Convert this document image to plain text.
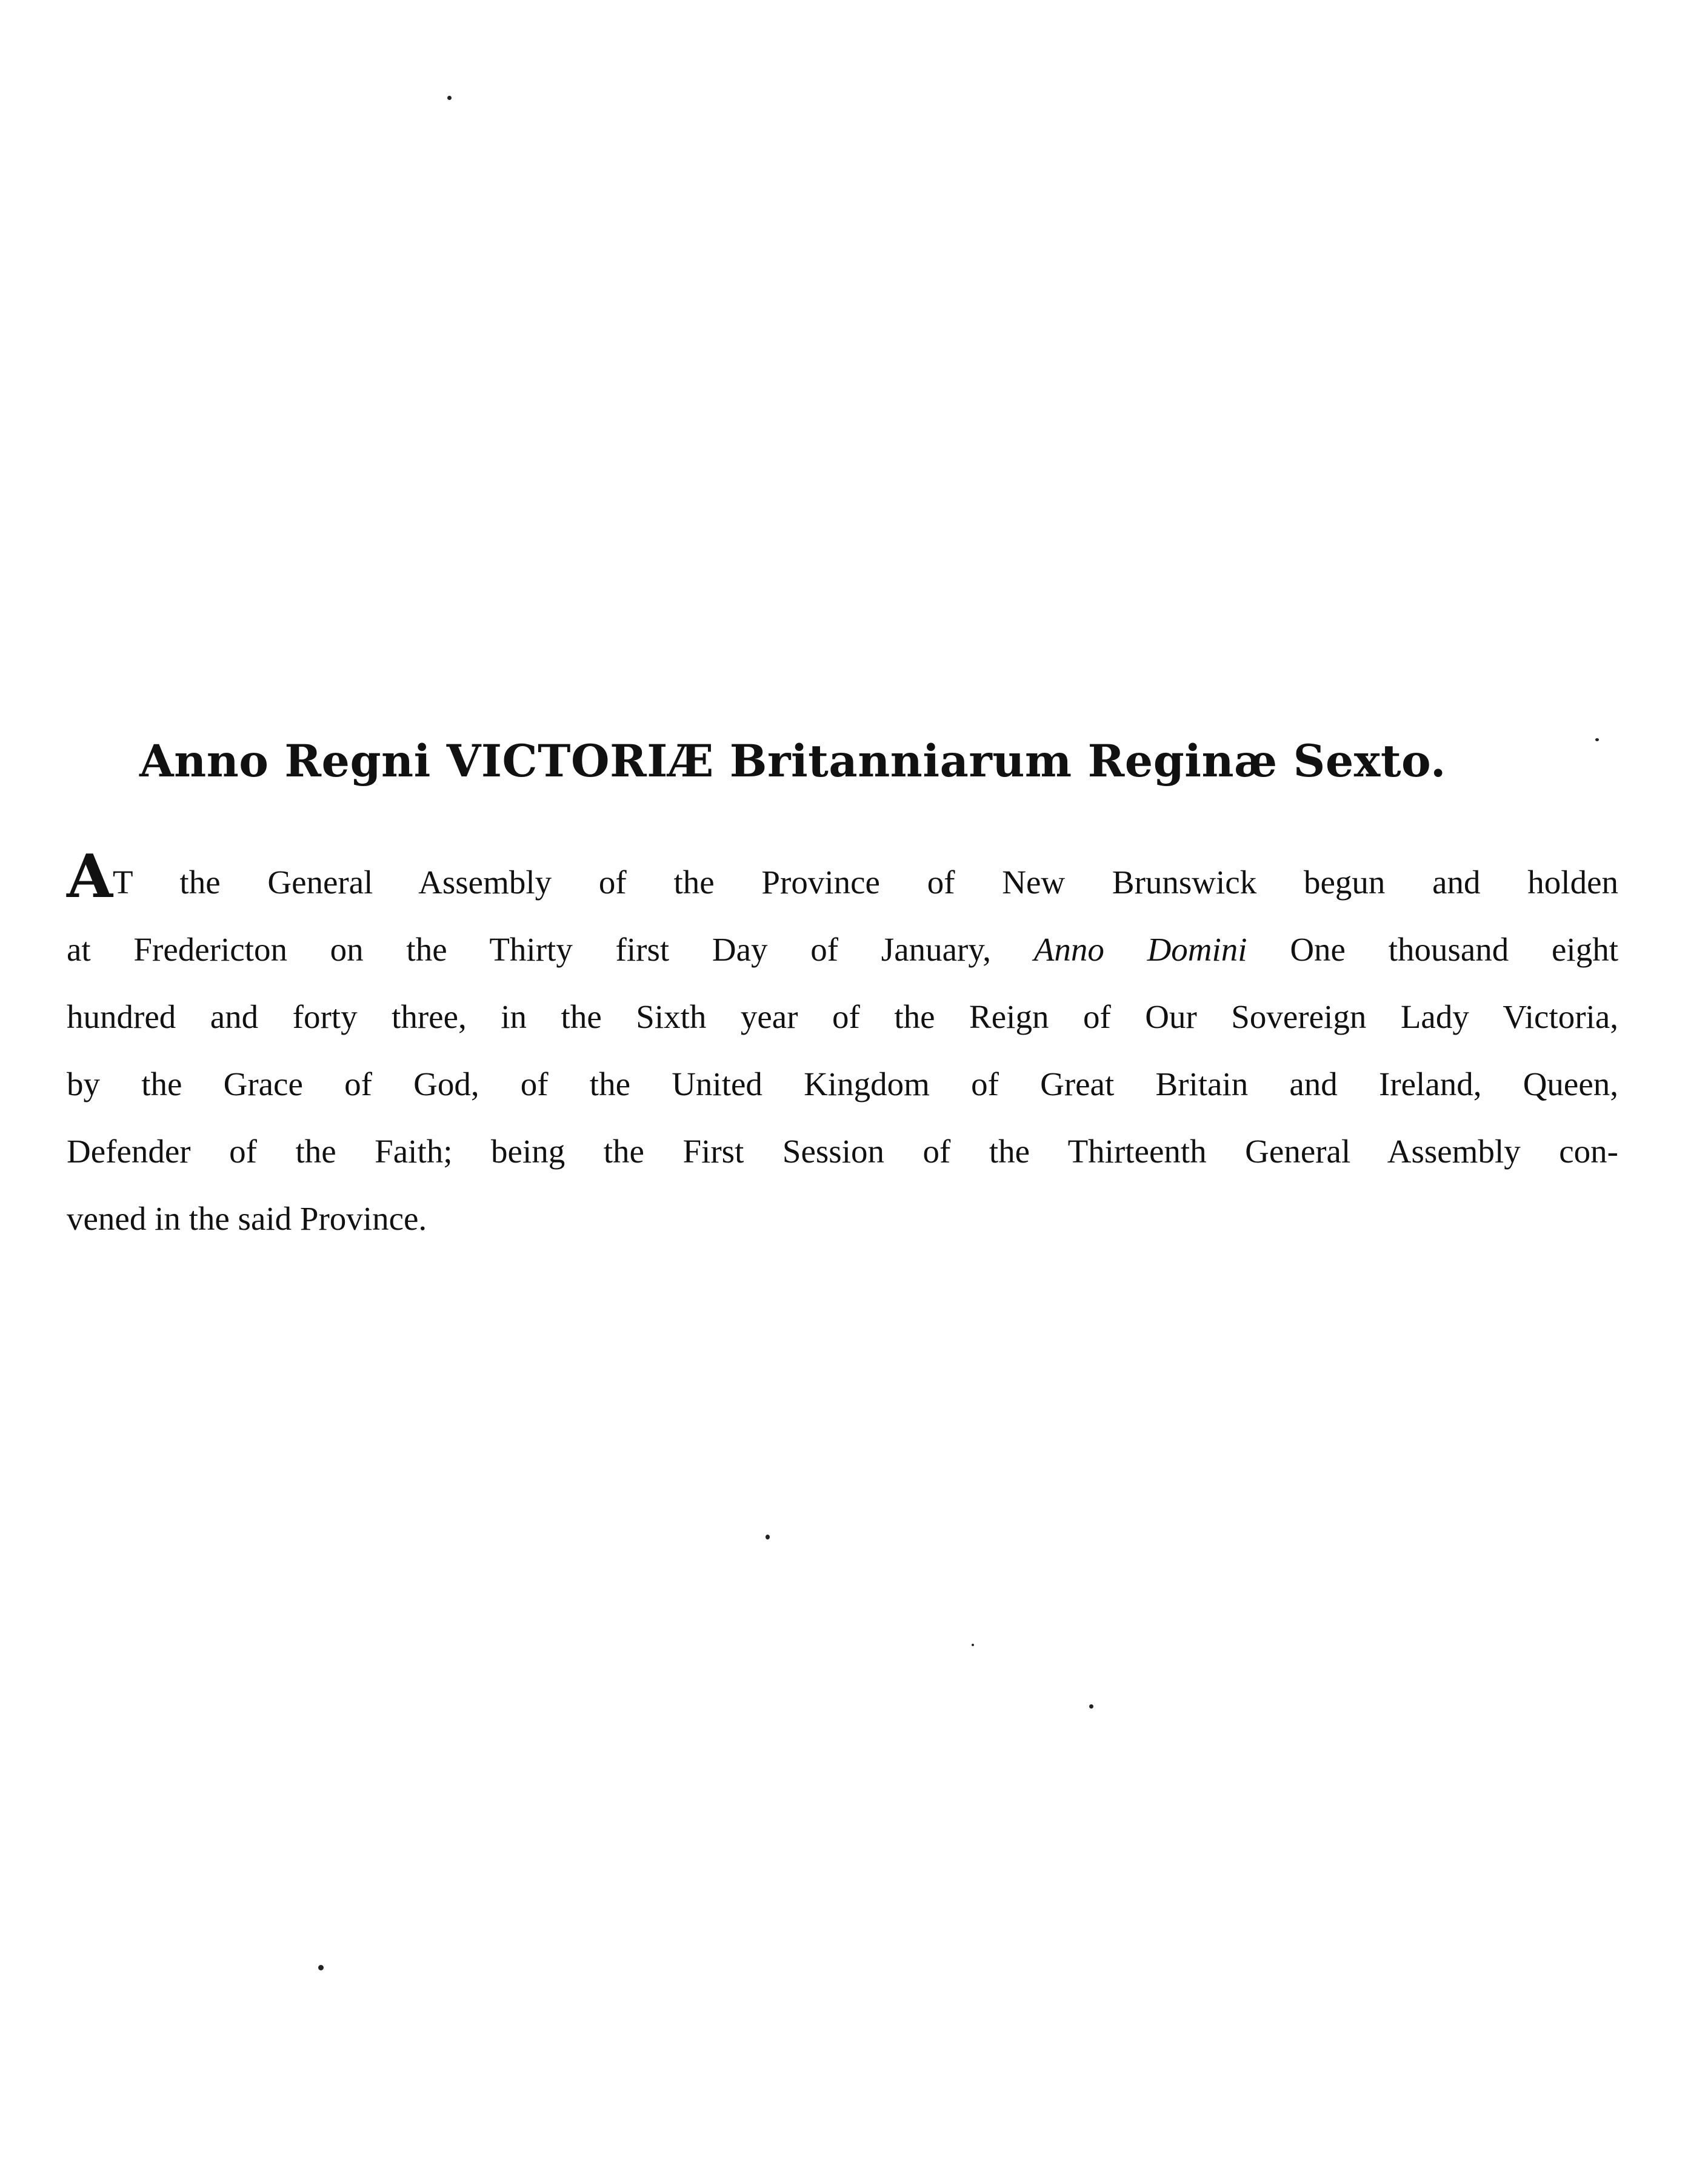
Anno Regni VICTORIÆ Britanniarum Reginæ Sexto.
AT the General Assembly of the Province of New Brunswick begun and holden
at Fredericton on the Thirty first Day of January, Anno Domini One thousand eight
hundred and forty three, in the Sixth year of the Reign of Our Sovereign Lady Victoria,
by the Grace of God, of the United Kingdom of Great Britain and Ireland, Queen,
Defender of the Faith; being the First Session of the Thirteenth General Assembly con-
vened in the said Province.
